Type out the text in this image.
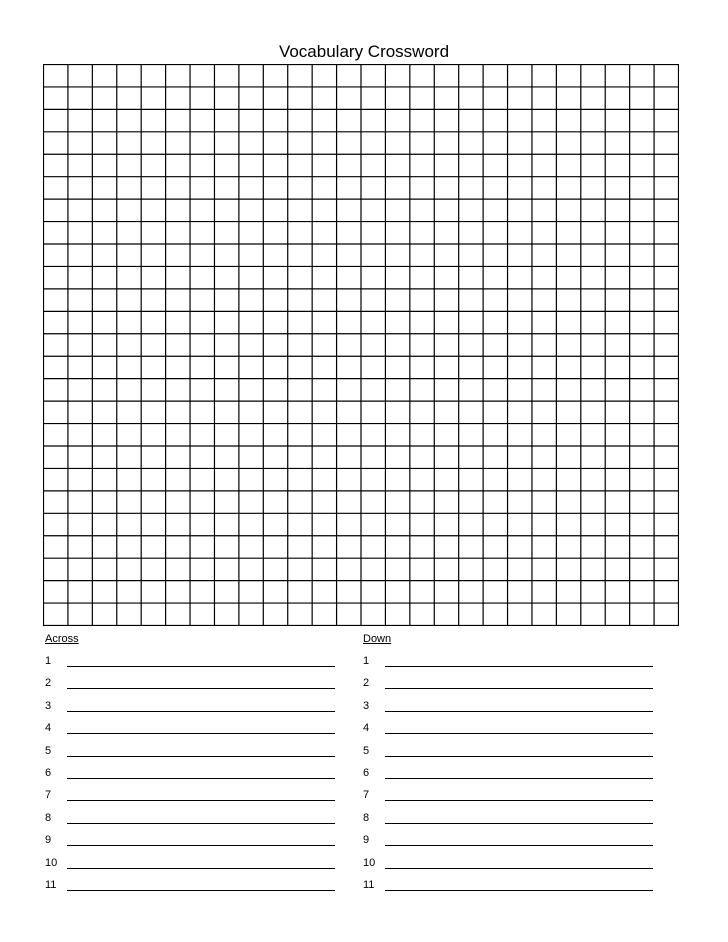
Vocabulary Crossword
Across
1
2
3
4
5
6
7
8
9
10
11
Down
1
2
3
4
5
6
7
8
9
10
11
